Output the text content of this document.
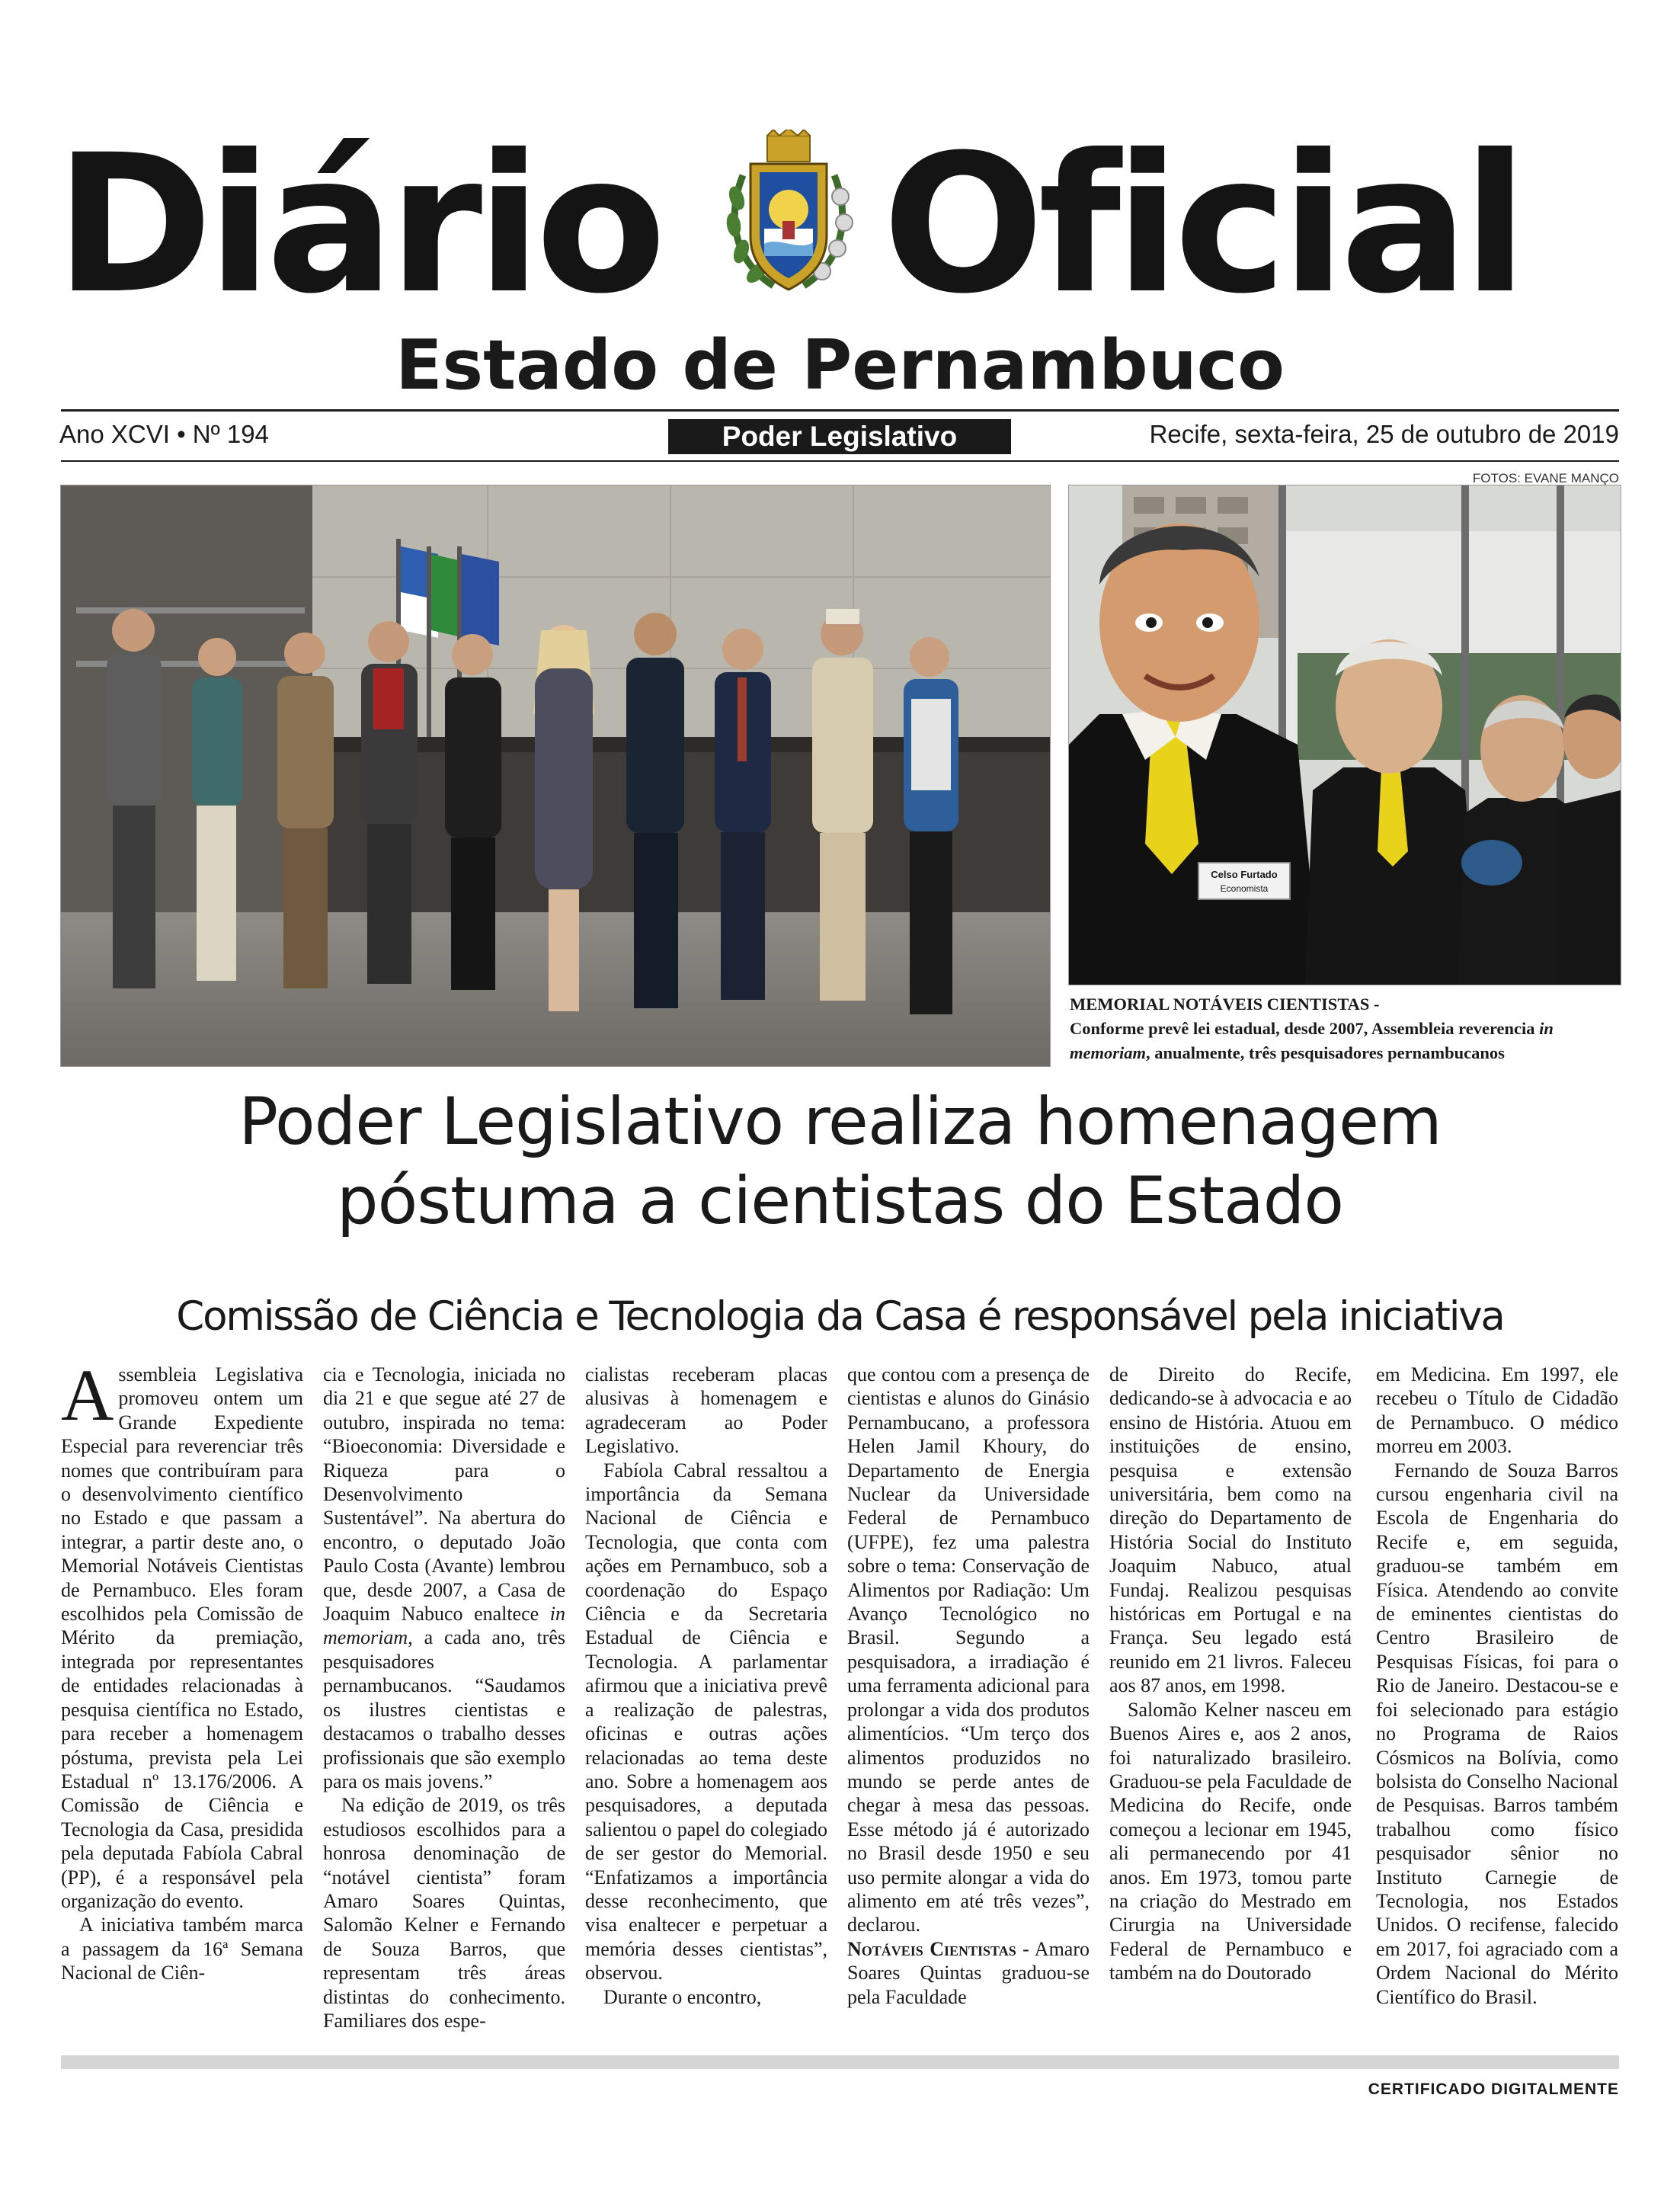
Diário Oficial
Estado de Pernambuco
Ano XCVI • Nº 194	Poder Legislativo	Recife, sexta-feira, 25 de outubro de 2019
FOTOS: EVANE MANÇO
Celso Furtado
Economista
MEMORIAL NOTÁVEIS CIENTISTAS -
Conforme prevê lei estadual, desde 2007, Assembleia reverencia in memoriam, anualmente, três pesquisadores pernambucanos
Poder Legislativo realiza homenagem
póstuma a cientistas do Estado
Comissão de Ciência e Tecnologia da Casa é responsável pela iniciativa

Assembleia Legislativa promoveu ontem um Grande Expediente Especial para reverenciar três nomes que contribuíram para o desenvolvimento científico no Estado e que passam a integrar, a partir deste ano, o Memorial Notáveis Cientistas de Pernambuco. Eles foram escolhidos pela Comissão de Mérito da premiação, integrada por representantes de entidades relacionadas à pesquisa científica no Estado, para receber a homenagem póstuma, prevista pela Lei Estadual nº 13.176/2006. A Comissão de Ciência e Tecnologia da Casa, presidida pela deputada Fabíola Cabral (PP), é a responsável pela organização do evento.

A iniciativa também marca a passagem da 16ª Semana Nacional de Ciên-

cia e Tecnologia, iniciada no dia 21 e que segue até 27 de outubro, inspirada no tema: “Bioeconomia: Diversidade e Riqueza para o Desenvolvimento Sustentável”. Na abertura do encontro, o deputado João Paulo Costa (Avante) lembrou que, desde 2007, a Casa de Joaquim Nabuco enaltece in memoriam, a cada ano, três pesquisadores pernambucanos. “Saudamos os ilustres cientistas e destacamos o trabalho desses profissionais que são exemplo para os mais jovens.”

Na edição de 2019, os três estudiosos escolhidos para a honrosa denominação de “notável cientista” foram Amaro Soares Quintas, Salomão Kelner e Fernando de Souza Barros, que representam três áreas distintas do conhecimento. Familiares dos espe-

cialistas receberam placas alusivas à homenagem e agradeceram ao Poder Legislativo.

Fabíola Cabral ressaltou a importância da Semana Nacional de Ciência e Tecnologia, que conta com ações em Pernambuco, sob a coordenação do Espaço Ciência e da Secretaria Estadual de Ciência e Tecnologia. A parlamentar afirmou que a iniciativa prevê a realização de palestras, oficinas e outras ações relacionadas ao tema deste ano. Sobre a homenagem aos pesquisadores, a deputada salientou o papel do colegiado de ser gestor do Memorial. “Enfatizamos a importância desse reconhecimento, que visa enaltecer e perpetuar a memória desses cientistas”, observou.

Durante o encontro,

que contou com a presença de cientistas e alunos do Ginásio Pernambucano, a professora Helen Jamil Khoury, do Departamento de Energia Nuclear da Universidade Federal de Pernambuco (UFPE), fez uma palestra sobre o tema: Conservação de Alimentos por Radiação: Um Avanço Tecnológico no Brasil. Segundo a pesquisadora, a irradiação é uma ferramenta adicional para prolongar a vida dos produtos alimentícios. “Um terço dos alimentos produzidos no mundo se perde antes de chegar à mesa das pessoas. Esse método já é autorizado no Brasil desde 1950 e seu uso permite alongar a vida do alimento em até três vezes”, declarou.

Notáveis Cientistas - Amaro Soares Quintas graduou-se pela Faculdade

de Direito do Recife, dedicando-se à advocacia e ao ensino de História. Atuou em instituições de ensino, pesquisa e extensão universitária, bem como na direção do Departamento de História Social do Instituto Joaquim Nabuco, atual Fundaj. Realizou pesquisas históricas em Portugal e na França. Seu legado está reunido em 21 livros. Faleceu aos 87 anos, em 1998.

Salomão Kelner nasceu em Buenos Aires e, aos 2 anos, foi naturalizado brasileiro. Graduou-se pela Faculdade de Medicina do Recife, onde começou a lecionar em 1945, ali permanecendo por 41 anos. Em 1973, tomou parte na criação do Mestrado em Cirurgia na Universidade Federal de Pernambuco e também na do Doutorado

em Medicina. Em 1997, ele recebeu o Título de Cidadão de Pernambuco. O médico morreu em 2003.

Fernando de Souza Barros cursou engenharia civil na Escola de Engenharia do Recife e, em seguida, graduou-se também em Física. Atendendo ao convite de eminentes cientistas do Centro Brasileiro de Pesquisas Físicas, foi para o Rio de Janeiro. Destacou-se e foi selecionado para estágio no Programa de Raios Cósmicos na Bolívia, como bolsista do Conselho Nacional de Pesquisas. Barros também trabalhou como físico pesquisador sênior no Instituto Carnegie de Tecnologia, nos Estados Unidos. O recifense, falecido em 2017, foi agraciado com a Ordem Nacional do Mérito Científico do Brasil.

CERTIFICADO DIGITALMENTE
